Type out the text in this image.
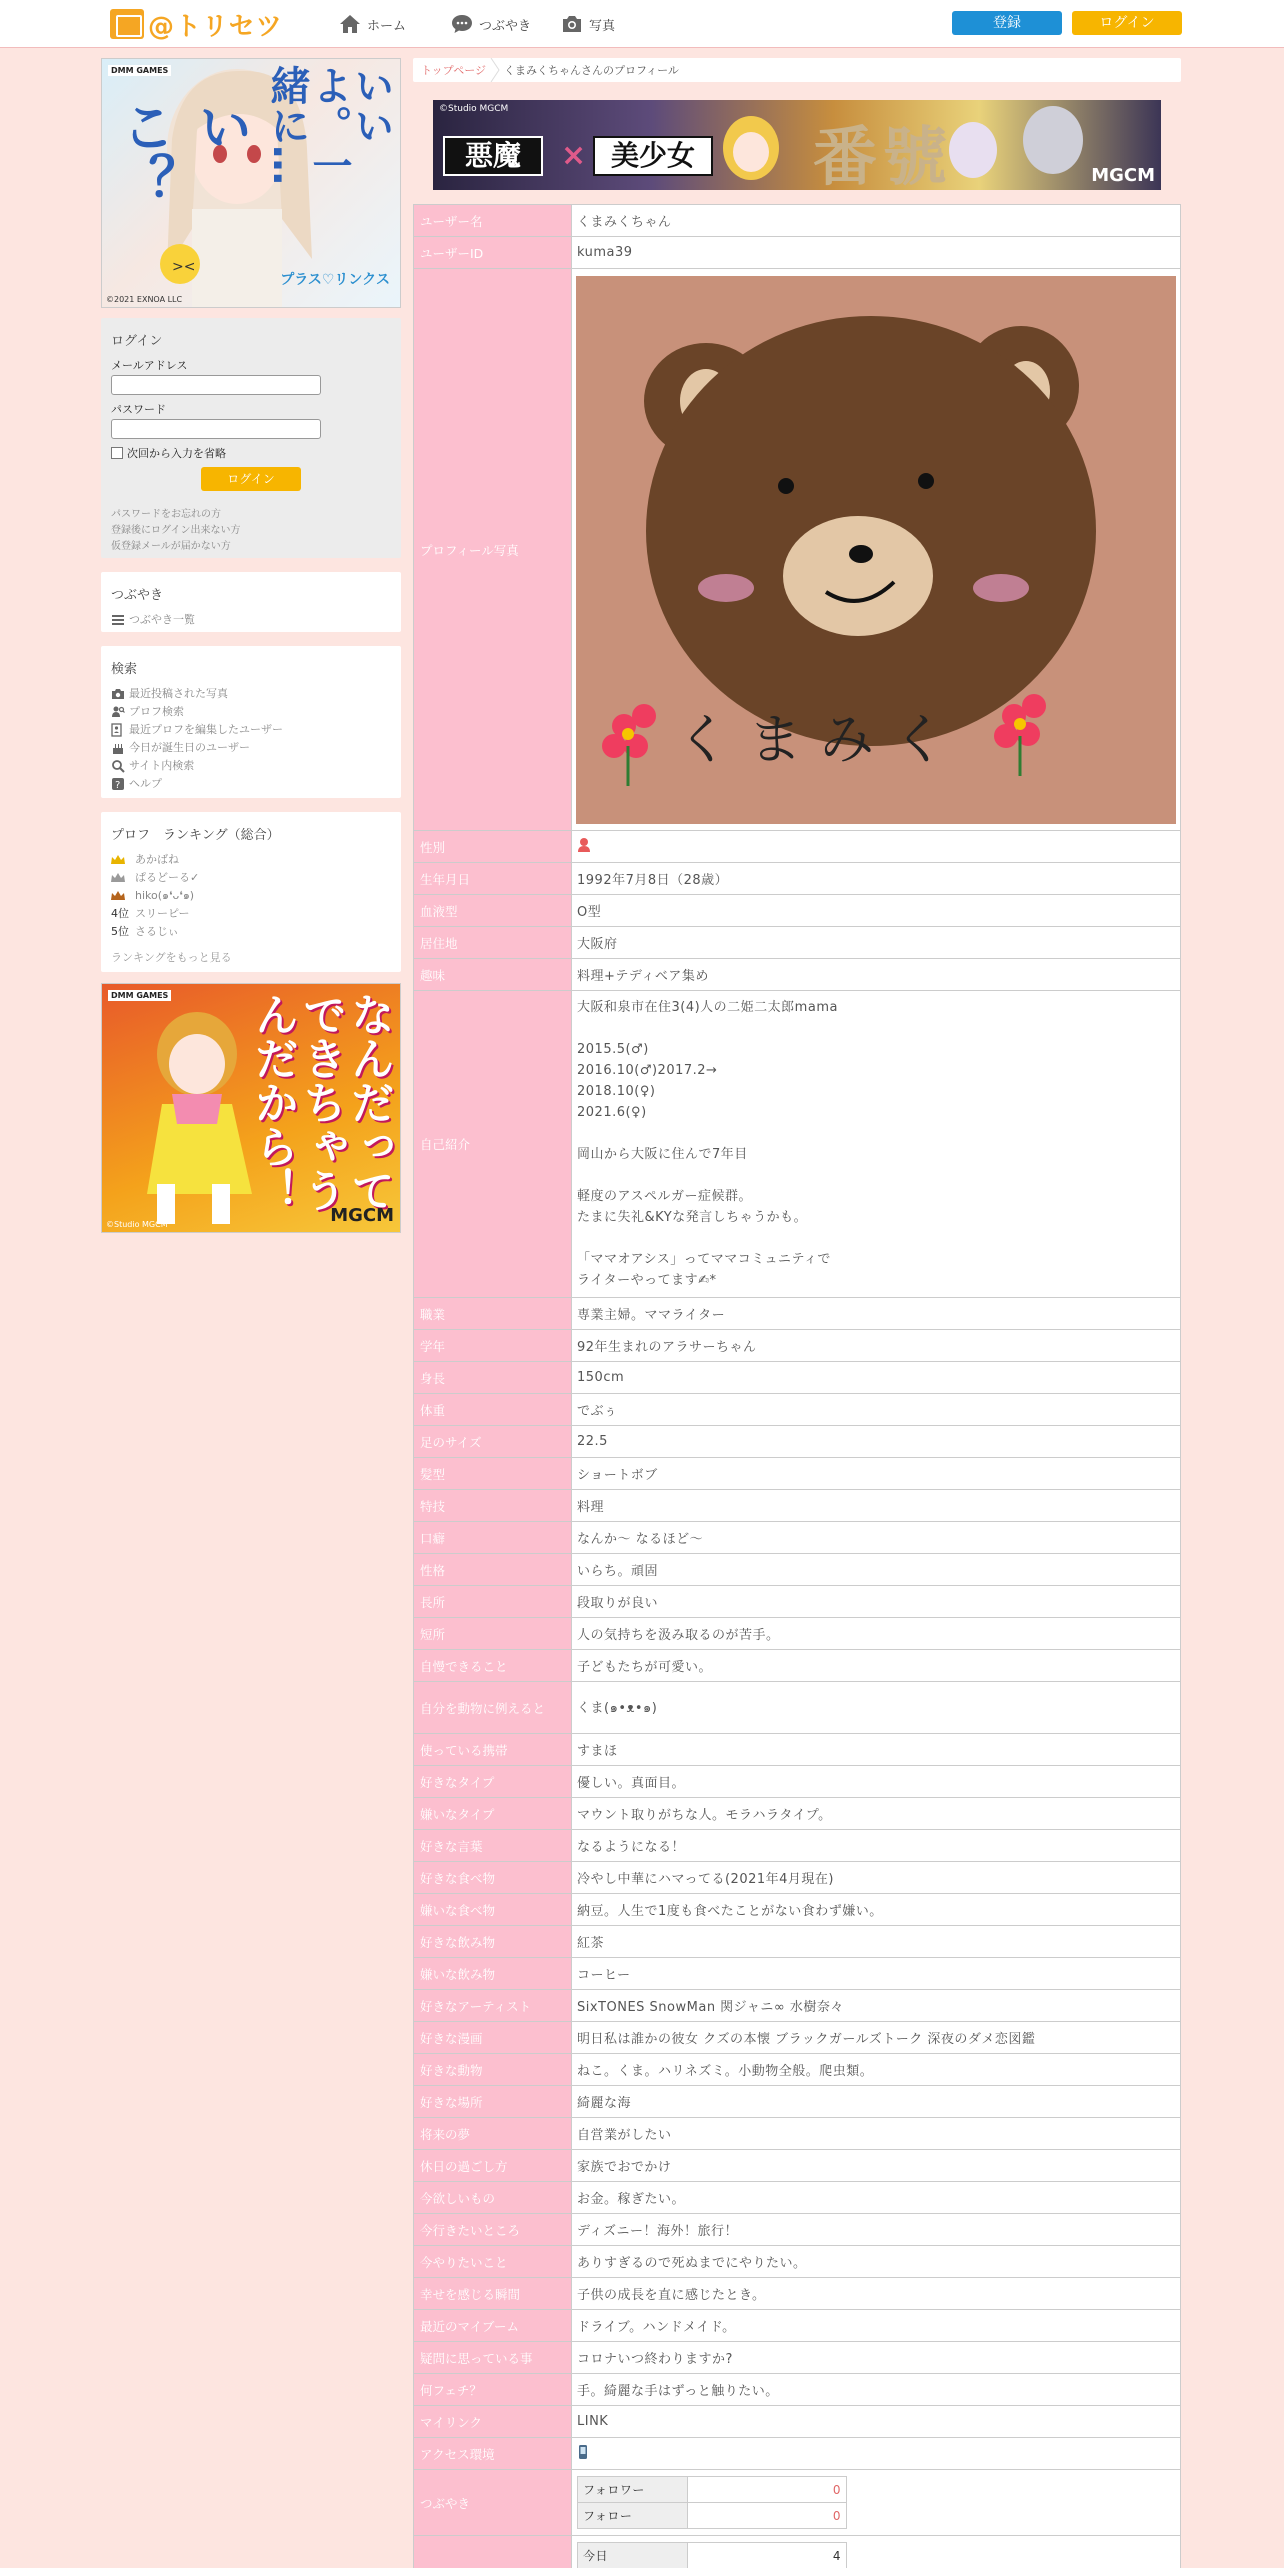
@トリセツ	ホーム	つぶやき	写真	登録	ログイン
DMM GAMES
><
いいよ。一緒に…
いこ？
プラス♡リンクス
©2021 EXNOA LLC
ログイン
メールアドレス
パスワード
次回から入力を省略
ログイン
パスワードをお忘れの方
登録後にログイン出来ない方
仮登録メールが届かない方
つぶやき
つぶやき一覧
検索
最近投稿された写真
プロフ検索
最近プロフを編集したユーザー
今日が誕生日のユーザー
サイト内検索
? ヘルプ
プロフ　ランキング（総合）
あかばね
ぱるどーる✓
hiko(๑❛ᴗ❛๑)
4位 スリーピー
5位 さるじぃ
ランキングをもっと見る
DMM GAMES	なんだってできちゃうんだから！
MGCM
©Studio MGCM
トップページ くまみくちゃんさんのプロフィール
©Studio MGCM
悪魔	× 美少女 番號	MGCM
ユーザー名	くまみくちゃん
ユーザーID	kuma39
プロフィール写真	
くまみく

性別	
生年月日	1992年7月8日（28歳）
血液型	O型
居住地	大阪府
趣味	料理+テディベア集め
自己紹介	大阪和泉市在住3(4)人の二姫二太郎mama

2015.5(♂)
2016.10(♂)2017.2→
2018.10(♀)
2021.6(♀)

岡山から大阪に住んで7年目

軽度のアスペルガー症候群。
たまに失礼&KYな発言しちゃうかも。

「ママオアシス」ってママコミュニティで
ライターやってます✍︎*
職業	専業主婦。ママライター
学年	92年生まれのアラサーちゃん
身長	150cm
体重	でぶぅ
足のサイズ	22.5
髪型	ショートボブ
特技	料理
口癖	なんか～ なるほど～
性格	いらち。頑固
長所	段取りが良い
短所	人の気持ちを汲み取るのが苦手。
自慢できること	子どもたちが可愛い。
自分を動物に例えると	くま(๑•ᴥ•๑)
使っている携帯	すまほ
好きなタイプ	優しい。真面目。
嫌いなタイプ	マウント取りがちな人。モラハラタイプ。
好きな言葉	なるようになる！
好きな食べ物	冷やし中華にハマってる(2021年4月現在)
嫌いな食べ物	納豆。人生で1度も食べたことがない食わず嫌い。
好きな飲み物	紅茶
嫌いな飲み物	コーヒー
好きなアーティスト	SixTONES SnowMan 関ジャニ∞ 水樹奈々
好きな漫画	明日私は誰かの彼女 クズの本懐 ブラックガールズトーク 深夜のダメ恋図鑑
好きな動物	ねこ。くま。ハリネズミ。小動物全般。爬虫類。
好きな場所	綺麗な海
将来の夢	自営業がしたい
休日の過ごし方	家族でおでかけ
今欲しいもの	お金。稼ぎたい。
今行きたいところ	ディズニー！海外！旅行！
今やりたいこと	ありすぎるので死ぬまでにやりたい。
幸せを感じる瞬間	子供の成長を直に感じたとき。
最近のマイブーム	ドライブ。ハンドメイド。
疑問に思っている事	コロナいつ終わりますか?
何フェチ？	手。綺麗な手はずっと触りたい。
マイリンク	LINK
アクセス環境	
つぶやき	
フォロワー	0
フォロー	0

今日	4
